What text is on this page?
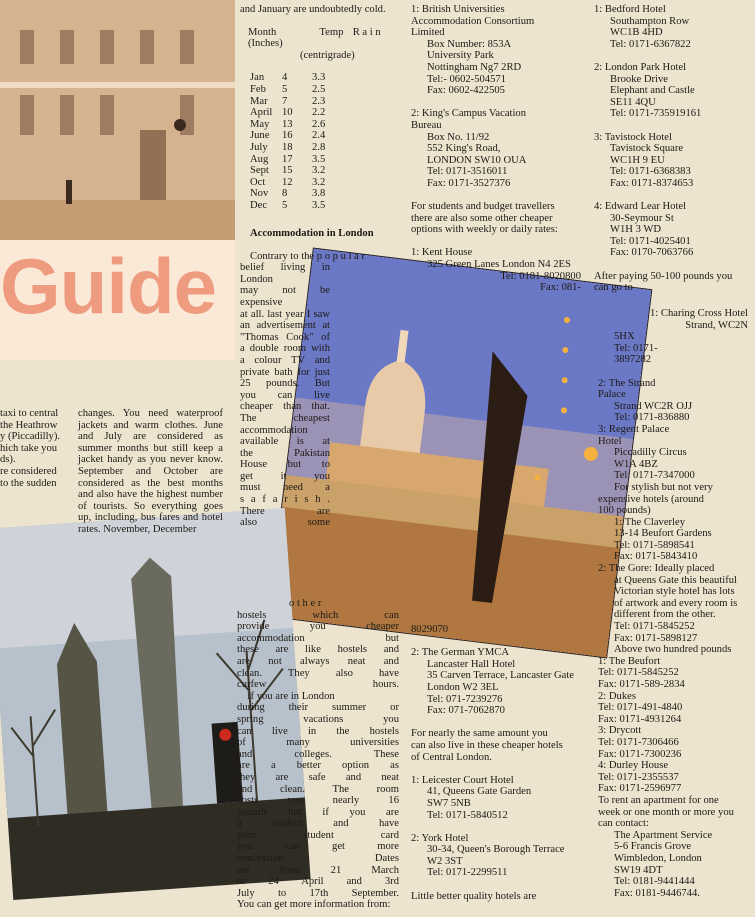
Guide
taxi to central
the Heathrow
y (Piccadilly).
hich take you
ds).
re considered
to the sudden
and January are undoubtedly cold.
Month	Temp R a i n
(Inches)
(centrigrade)
Jan 4 3.3
Feb 5 2.5
Mar 7 2.3
April 10 2.2
May 13 2.6
June 16 2.4
July 18 2.8
Aug 17 3.5
Sept 15 3.2
Oct 12 3.2
Nov 8 3.8
Dec 5 3.5
changes. You need waterproof
jackets and warm clothes. June
and July are considered as
summer months but still keep a
jacket handy as you never know.
September and October are
considered as the best months
and also have the highest number
of tourists. So everything goes
up, including, bus fares and hotel
rates. November, December
Accommodation in London
Contrary to the p o p u l a r
belief living in London
may not be expensive
at all. last year I saw
an advertisement at
"Thomas Cook" of
a double room with
a colour TV and
private bath for just
25 pounds. But
you can live
cheaper than that.
The cheapest
accommodation
available is at
the Pakistan
House but to
get it you
must need a
s a f a r i s h .
There are
also some
o t h e r
hostels which can
provide you cheaper
accommodation but
these are like hostels and
are not always neat and
clean. They also have
curfew hours.
If you are in London
during their summer or
spring vacations you
can live in the hostels
of many universities
and colleges. These
are a better option as
they are safe and neat
and clean. The room
costs you nearly 16
pounds but if you are
a student and have
your student card
you can get more
concession. Dates
are from 21 March
to 24 April and 3rd
July to 17th September.
You can get more information from:
1: British Universities
Accommodation Consortium
Limited
Box Number: 853A
University Park
Nottingham Ng7 2RD
Tel:- 0602-504571
Fax: 0602-422505

2: King's Campus Vacation
Bureau
Box No. 11/92
552 King's Road,
LONDON SW10 OUA
Tel: 0171-3516011
Fax: 0171-3527376

For students and budget travellers
there are also some other cheaper
options with weekly or daily rates:

1: Kent House
325 Green Lanes London N4 2ES
Tel: 0181-8020800
Fax: 081-
8029070

2: The German YMCA
Lancaster Hall Hotel
35 Carven Terrace, Lancaster Gate
London W2 3EL
Tel: 071-7239276
Fax: 071-7062870

For nearly the same amount you
can also live in these cheaper hotels
of Central London.

1: Leicester Court Hotel
41, Queens Gate Garden
SW7 5NB
Tel: 0171-5840512

2: York Hotel
30-34, Queen's Borough Terrace
W2 3ST
Tel: 0171-2299511

Little better quality hotels are
1: Bedford Hotel
Southampton Row
WC1B 4HD
Tel: 0171-6367822

2: London Park Hotel
Brooke Drive
Elephant and Castle
SE11 4QU
Tel: 0171-735919161

3: Tavistock Hotel
Tavistock Square
WC1H 9 EU
Tel: 0171-6368383
Fax: 0171-8374653

4: Edward Lear Hotel
30-Seymour St
W1H 3 WD
Tel: 0171-4025401
Fax: 0170-7063766

After paying 50-100 pounds you
can go to
1: Charing Cross Hotel
Strand, WC2N
5HX
Tel: 0171-
3897282

2: The Strand
Palace
Strand WC2R OJJ
Tel: 0171-836880
3: Regent Palace
Hotel
Piccadilly Circus
W1A 4BZ
Tel: 0171-7347000
For stylish but not very
expensive hotels (around
100 pounds)
1: The Claverley
13-14 Beufort Gardens
Tel: 0171-5898541
Fax: 0171-5843410
2: The Gore: Ideally placed
at Queens Gate this beautiful
Victorian style hotel has lots
of artwork and every room is
different from the other.
Tel: 0171-5845252
Fax: 0171-5898127
Above two hundred pounds
1: The Beufort
Tel: 0171-5845252
Fax: 0171-589-2834
2: Dukes
Tel: 0171-491-4840
Fax: 0171-4931264
3: Drycott
Tel: 0171-7306466
Fax: 0171-7300236
4: Durley House
Tel: 0171-2355537
Fax: 0171-2596977
To rent an apartment for one
week or one month or more you
can contact:
The Apartment Service
5-6 Francis Grove
Wimbledon, London
SW19 4DT
Tel: 0181-9441444
Fax: 0181-9446744.
